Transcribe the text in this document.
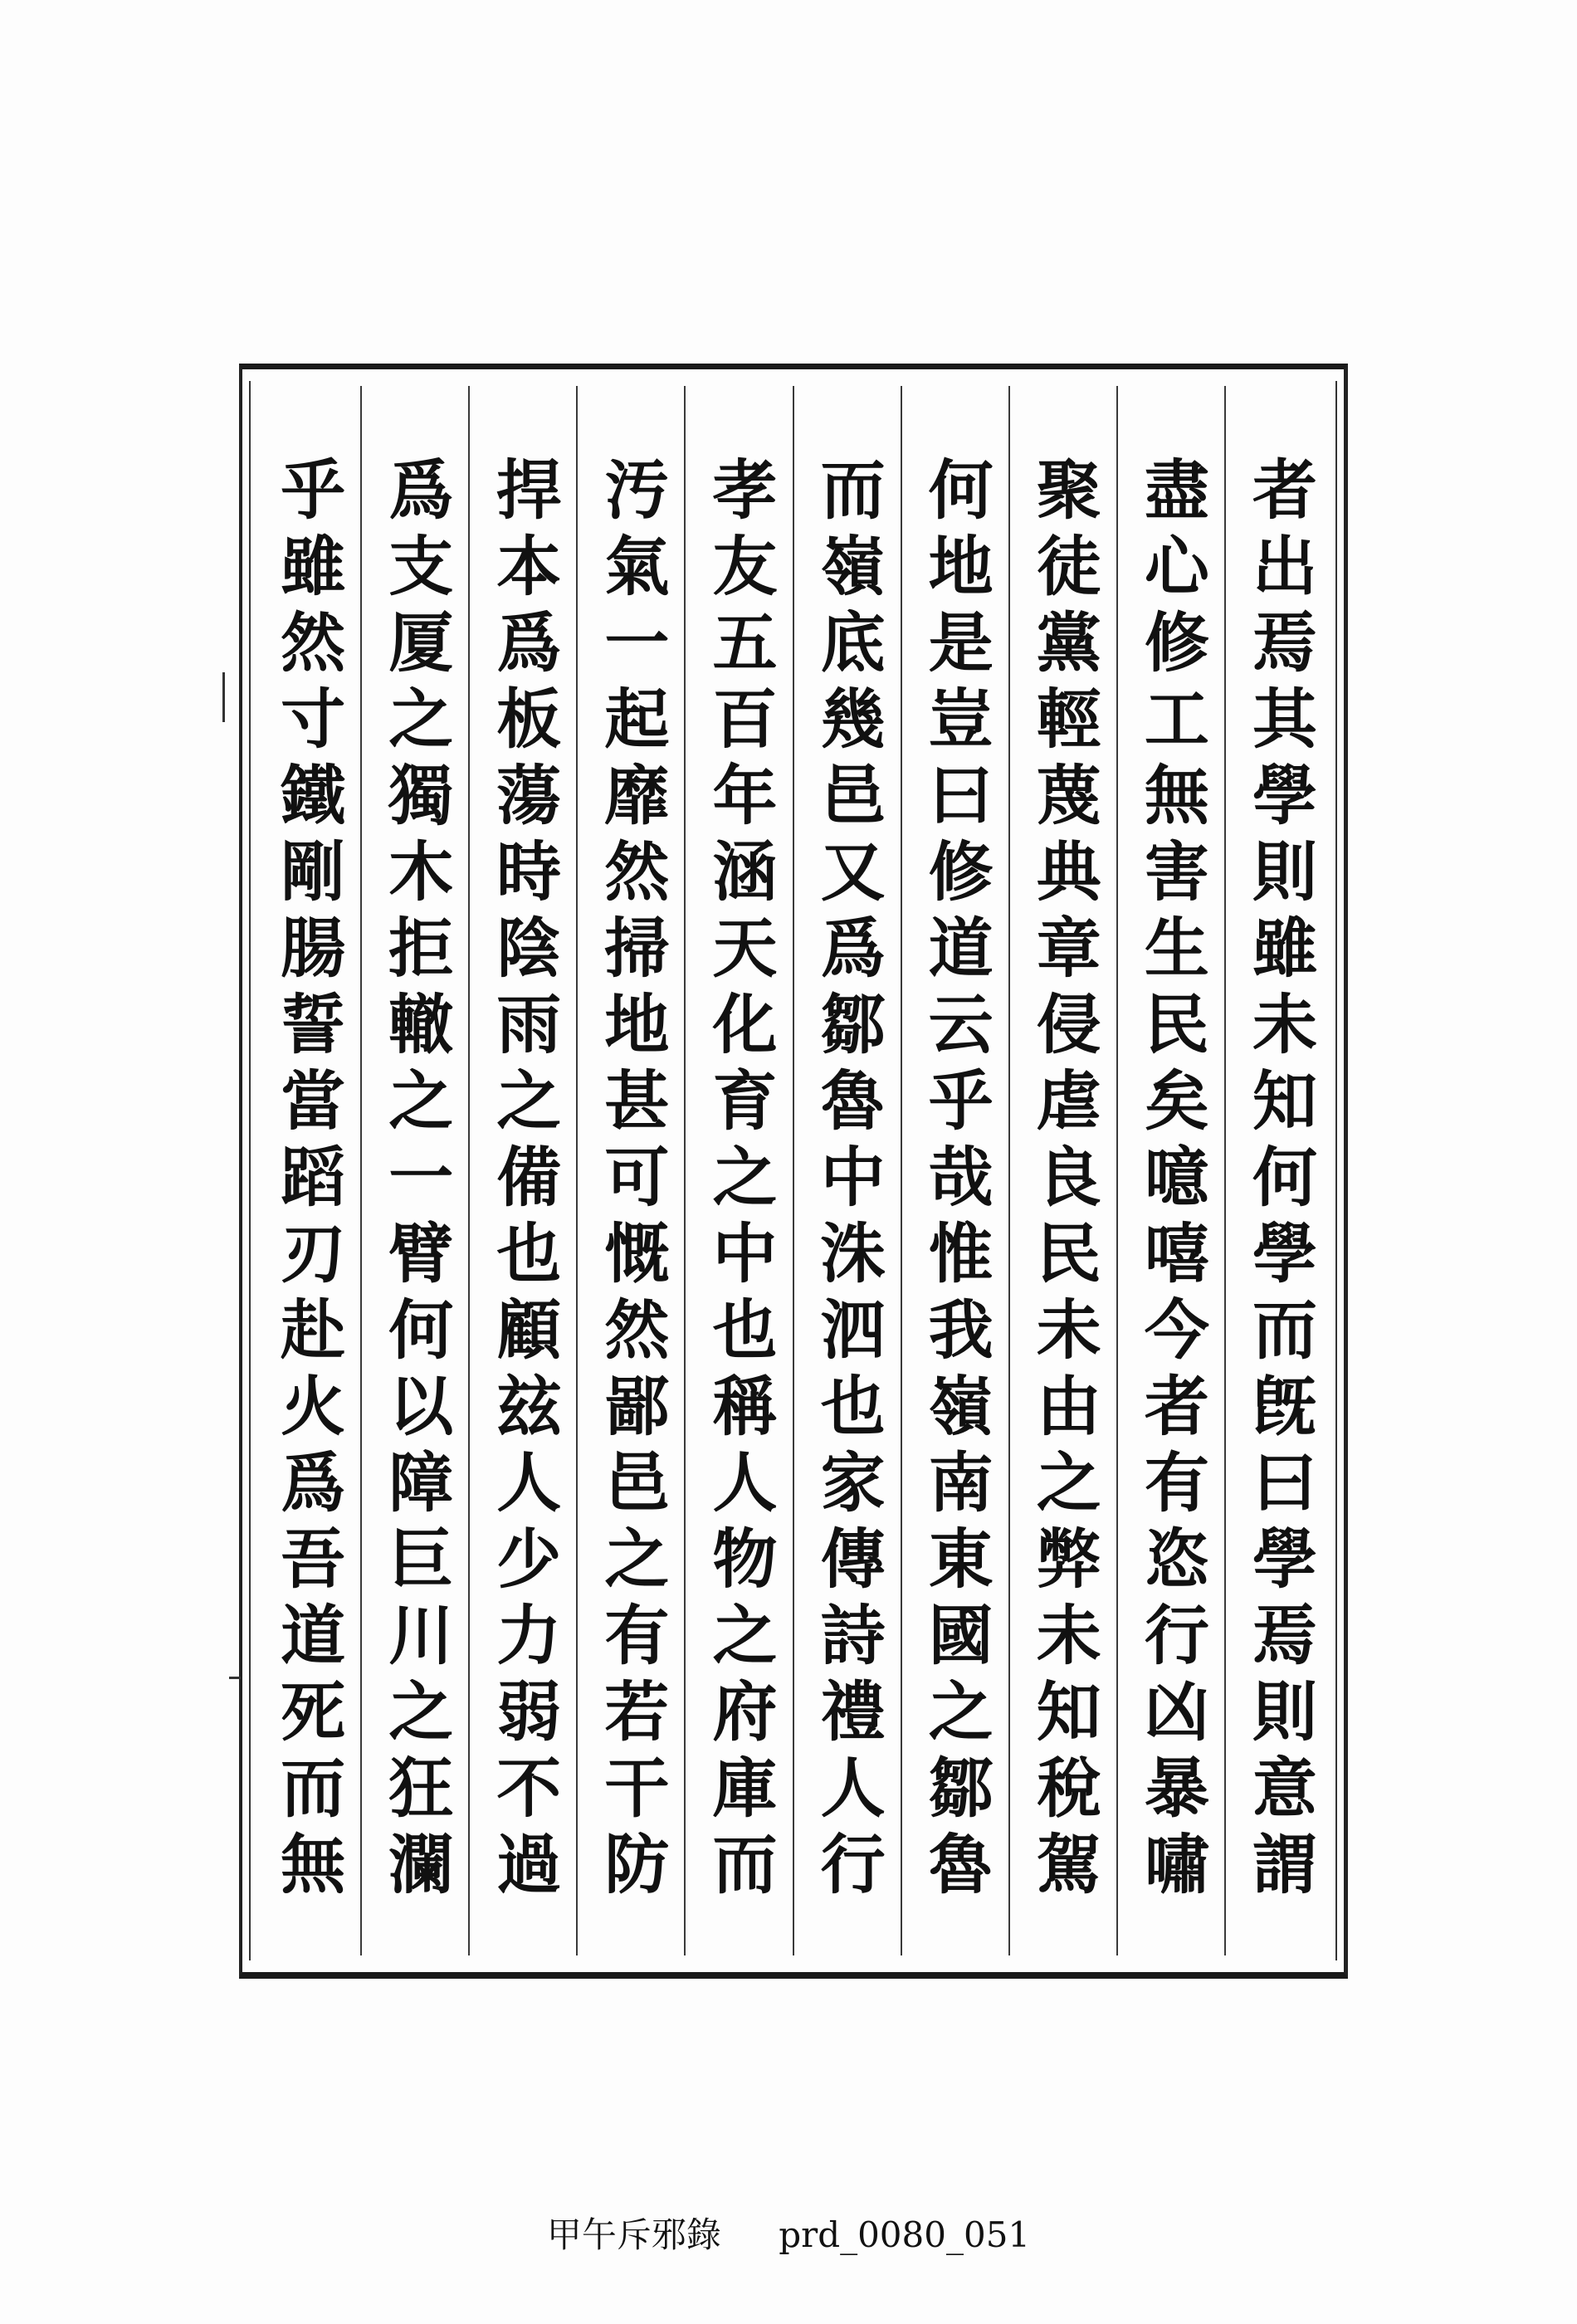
者出焉其學則雖未知何學而旣曰學焉則意謂
盡心修工無害生民矣噫嘻今者有恣行凶暴嘯
聚徒黨輕蔑典章侵虐良民未由之弊未知稅駕
何地是豈曰修道云乎哉惟我嶺南東國之鄒魯
而嶺底幾邑又爲鄒魯中洙泗也家傳詩禮人行
孝友五百年涵天化育之中也稱人物之府庫而
汚氣一起靡然掃地甚可慨然鄙邑之有若干防
捍本爲板蕩時陰雨之備也顧玆人少力弱不過
爲支厦之獨木拒轍之一臂何以障巨川之狂瀾
乎雖然寸鐵剛腸誓當蹈刃赴火爲吾道死而無
甲午斥邪錄 prd_0080_051
